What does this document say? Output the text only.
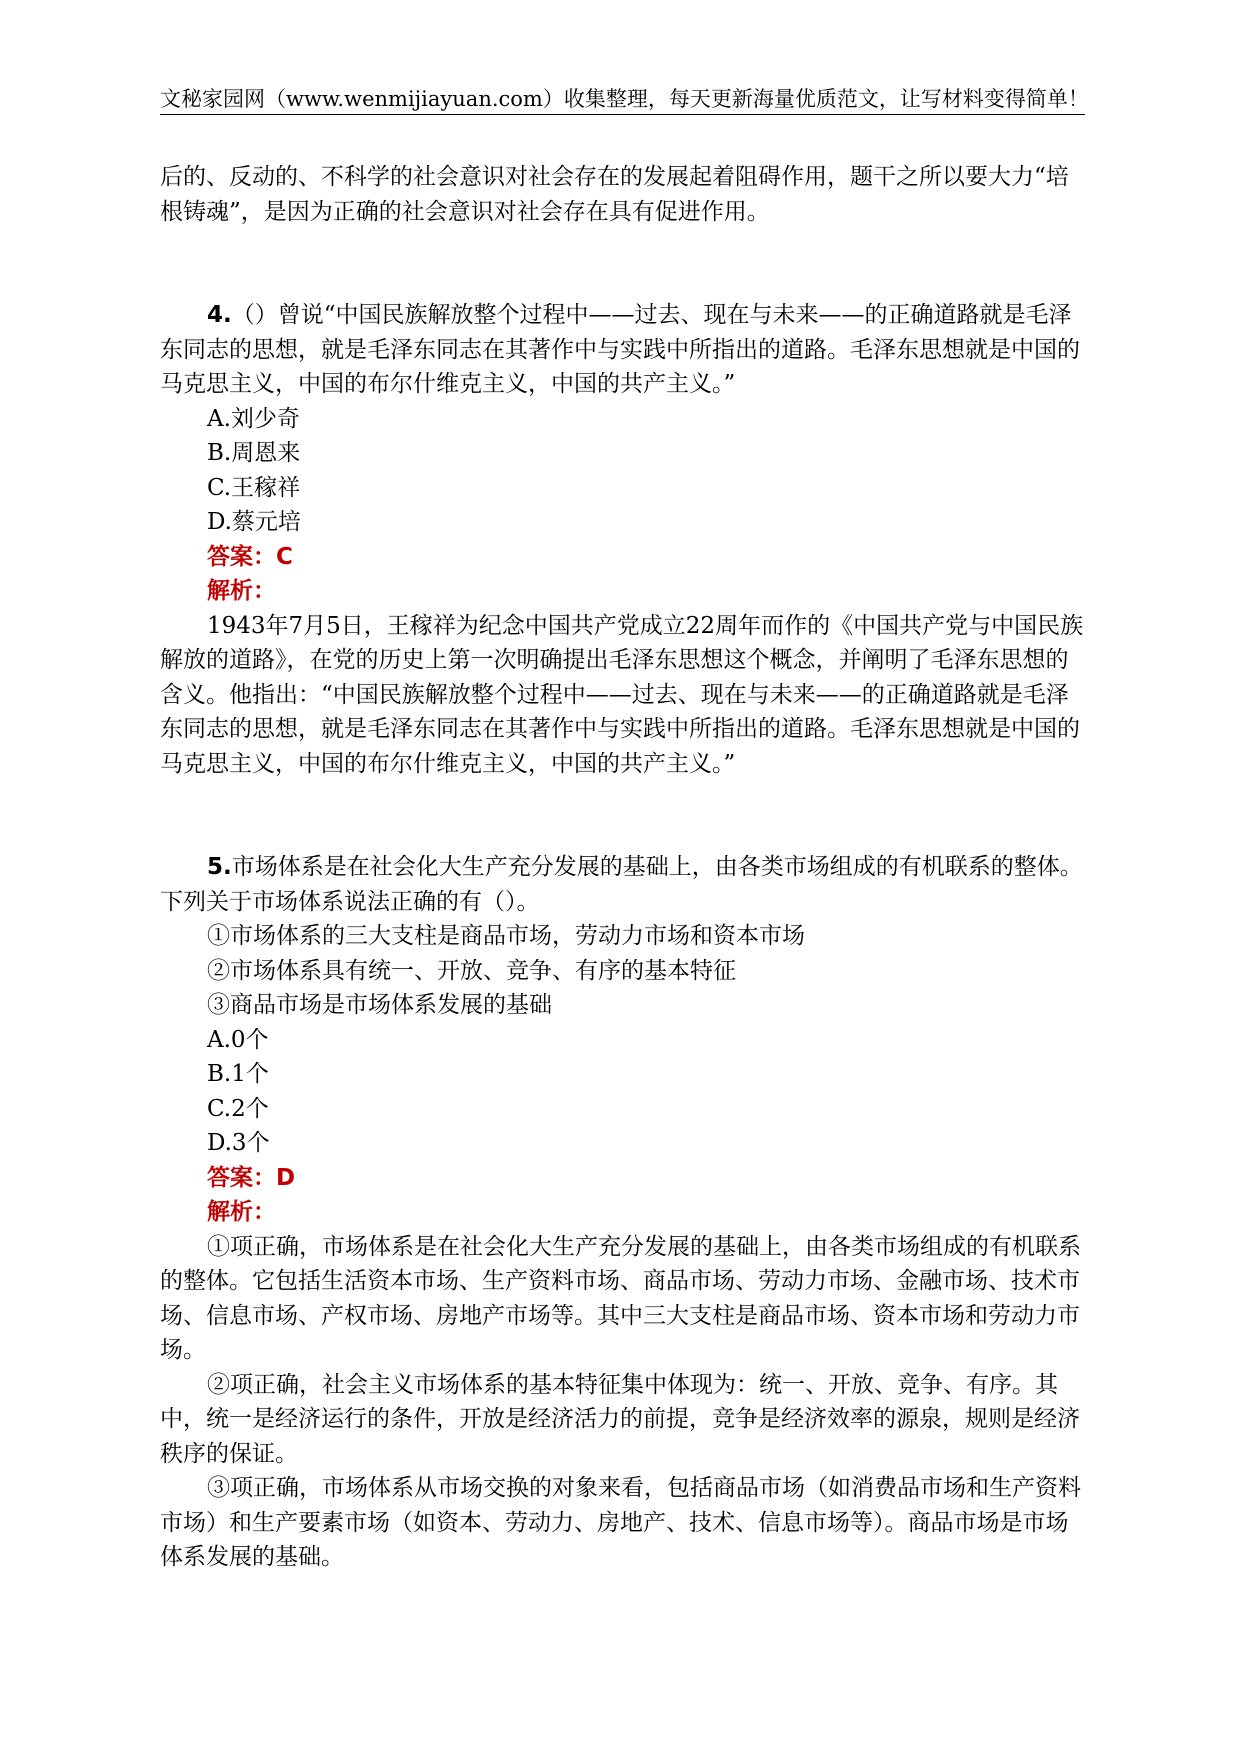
文秘家园网（www.wenmijiayuan.com）收集整理，每天更新海量优质范文，让写材料变得简单！

后的、反动的、不科学的社会意识对社会存在的发展起着阻碍作用，题干之所以要大力“培根铸魂”，是因为正确的社会意识对社会存在具有促进作用。

4.（）曾说“中国民族解放整个过程中——过去、现在与未来——的正确道路就是毛泽东同志的思想，就是毛泽东同志在其著作中与实践中所指出的道路。毛泽东思想就是中国的马克思主义，中国的布尔什维克主义，中国的共产主义。”

A.刘少奇

B.周恩来

C.王稼祥

D.蔡元培

答案：C

解析：

1943年7月5日，王稼祥为纪念中国共产党成立22周年而作的《中国共产党与中国民族解放的道路》，在党的历史上第一次明确提出毛泽东思想这个概念，并阐明了毛泽东思想的含义。他指出：“中国民族解放整个过程中——过去、现在与未来——的正确道路就是毛泽东同志的思想，就是毛泽东同志在其著作中与实践中所指出的道路。毛泽东思想就是中国的马克思主义，中国的布尔什维克主义，中国的共产主义。”

5.市场体系是在社会化大生产充分发展的基础上，由各类市场组成的有机联系的整体。下列关于市场体系说法正确的有（）。

①市场体系的三大支柱是商品市场，劳动力市场和资本市场

②市场体系具有统一、开放、竞争、有序的基本特征

③商品市场是市场体系发展的基础

A.0个

B.1个

C.2个

D.3个

答案：D

解析：

①项正确，市场体系是在社会化大生产充分发展的基础上，由各类市场组成的有机联系的整体。它包括生活资本市场、生产资料市场、商品市场、劳动力市场、金融市场、技术市场、信息市场、产权市场、房地产市场等。其中三大支柱是商品市场、资本市场和劳动力市场。

②项正确，社会主义市场体系的基本特征集中体现为：统一、开放、竞争、有序。其中，统一是经济运行的条件，开放是经济活力的前提，竞争是经济效率的源泉，规则是经济秩序的保证。

③项正确，市场体系从市场交换的对象来看，包括商品市场（如消费品市场和生产资料市场）和生产要素市场（如资本、劳动力、房地产、技术、信息市场等）。商品市场是市场体系发展的基础。
